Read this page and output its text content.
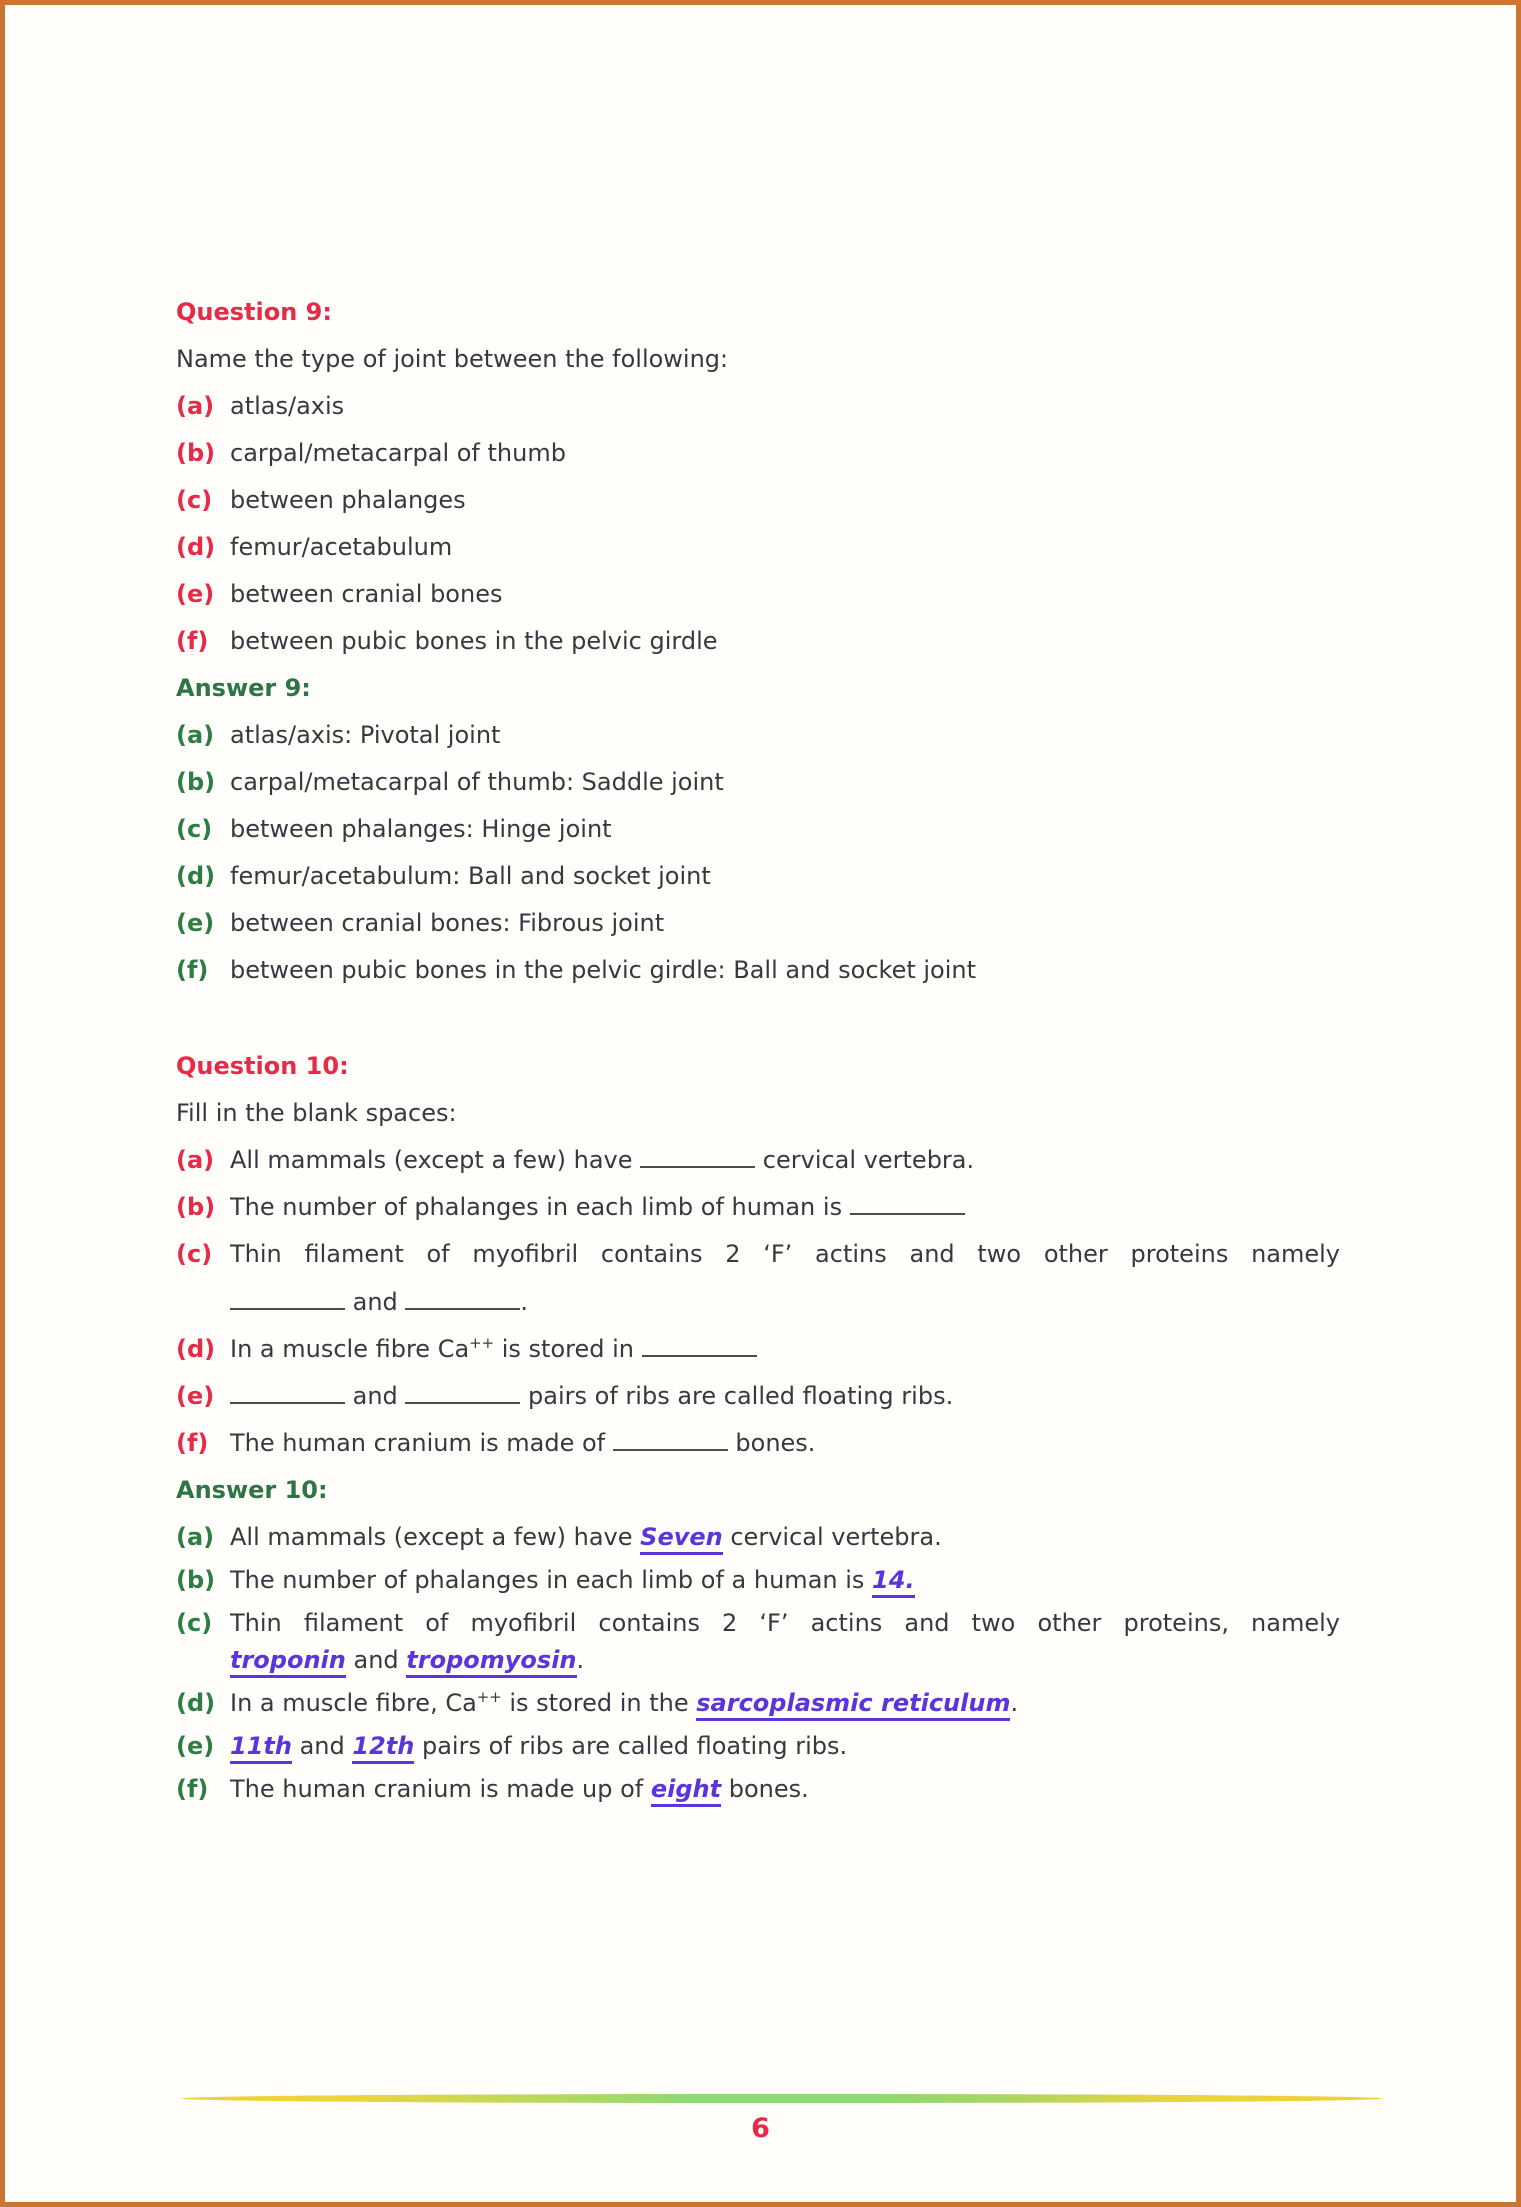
Question 9:
Name the type of joint between the following:
(a) atlas/axis
(b) carpal/metacarpal of thumb
(c) between phalanges
(d) femur/acetabulum
(e) between cranial bones
(f) between pubic bones in the pelvic girdle
Answer 9:
(a) atlas/axis: Pivotal joint
(b) carpal/metacarpal of thumb: Saddle joint
(c) between phalanges: Hinge joint
(d) femur/acetabulum: Ball and socket joint
(e) between cranial bones: Fibrous joint
(f) between pubic bones in the pelvic girdle: Ball and socket joint
Question 10:
Fill in the blank spaces:
(a) All mammals (except a few) have	cervical vertebra.
(b) The number of phalanges in each limb of human is
(c) Thin filament of myofibril contains 2 ‘F’ actins and two other proteins namely
and	.
(d) In a muscle fibre Ca++ is stored in
(e)	and	pairs of ribs are called floating ribs.
(f) The human cranium is made of	bones.
Answer 10:
(a) All mammals (except a few) have Seven cervical vertebra.
(b) The number of phalanges in each limb of a human is 14.
(c) Thin filament of myofibril contains 2 ‘F’ actins and two other proteins, namely
troponin and tropomyosin.
(d) In a muscle fibre, Ca++ is stored in the sarcoplasmic reticulum.
(e) 11th and 12th pairs of ribs are called floating ribs.
(f) The human cranium is made up of eight bones.
6
